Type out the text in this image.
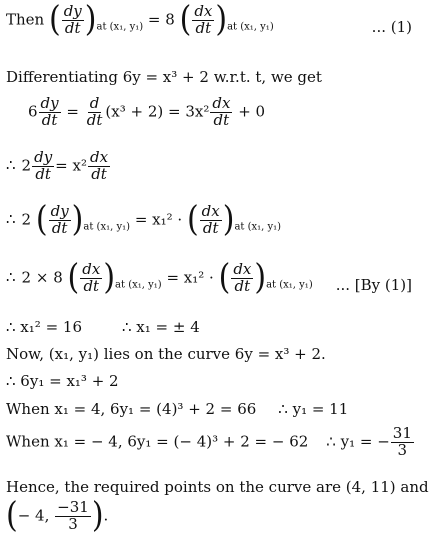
Then ( $\frac{dy}{dt} )_{at (x_1, y_1)} = 8$ ( $\frac{dx}{dt} )_{at (x_1, y_1)}$	... (1)
Differentiating 6y = x³ + 2 w.r.t. t, we get
$6 \frac{dy}{dt} = \frac{d}{dt} (x^3 + 2) = 3x^2 \frac{dx}{dt} + 0$
∴ $2 \frac{dy}{dt} = x^2 \frac{dx}{dt}$
∴ 2 ( $\frac{dy}{dt} )_{at (x_1, y_1)} = x_1^2$ · ( $\frac{dx}{dt} )_{at (x_1, y_1)}$
∴ 2 × 8 ( $\frac{dx}{dt} )_{at (x_1, y_1)} = x_1^2$ · ( $\frac{dx}{dt} )_{at (x_1, y_1)}$ ... [By (1)]
∴ x₁² = 16	∴ x₁ = ± 4
Now, (x₁, y₁) lies on the curve 6y = x³ + 2.
∴ 6y₁ = x₁³ + 2
When x₁ = 4, 6y₁ = (4)³ + 2 = 66 ∴ y₁ = 11
When x₁ = − 4, 6y₁ = (− 4)³ + 2 = − 62 ∴ y₁ = − $\frac{31}{3}$
Hence, the required points on the curve are (4, 11) and
(− 4, $\frac{-31}{3}$ ).
